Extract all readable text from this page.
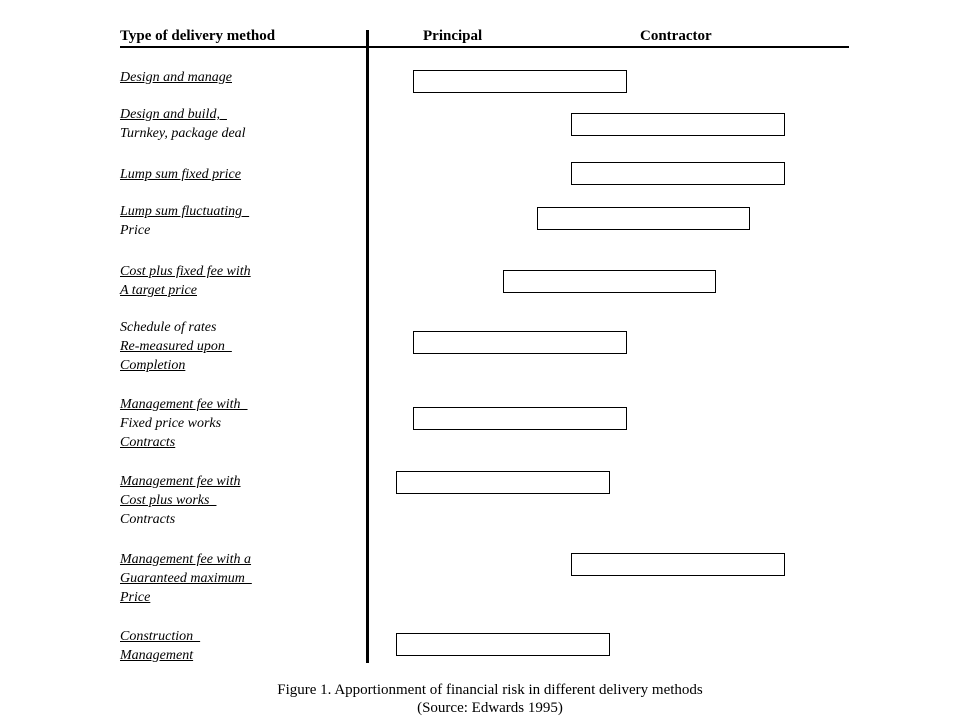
Type of delivery method	Principal	Contractor
Design and manage
Design and build,
Turnkey, package deal
Lump sum fixed price
Lump sum fluctuating
Price
Cost plus fixed fee with
A target price
Schedule of rates
Re-measured upon
Completion
Management fee with
Fixed price works
Contracts
Management fee with
Cost plus works
Contracts
Management fee with a
Guaranteed maximum
Price
Construction
Management
Figure 1. Apportionment of financial risk in different delivery methods
(Source: Edwards 1995)
